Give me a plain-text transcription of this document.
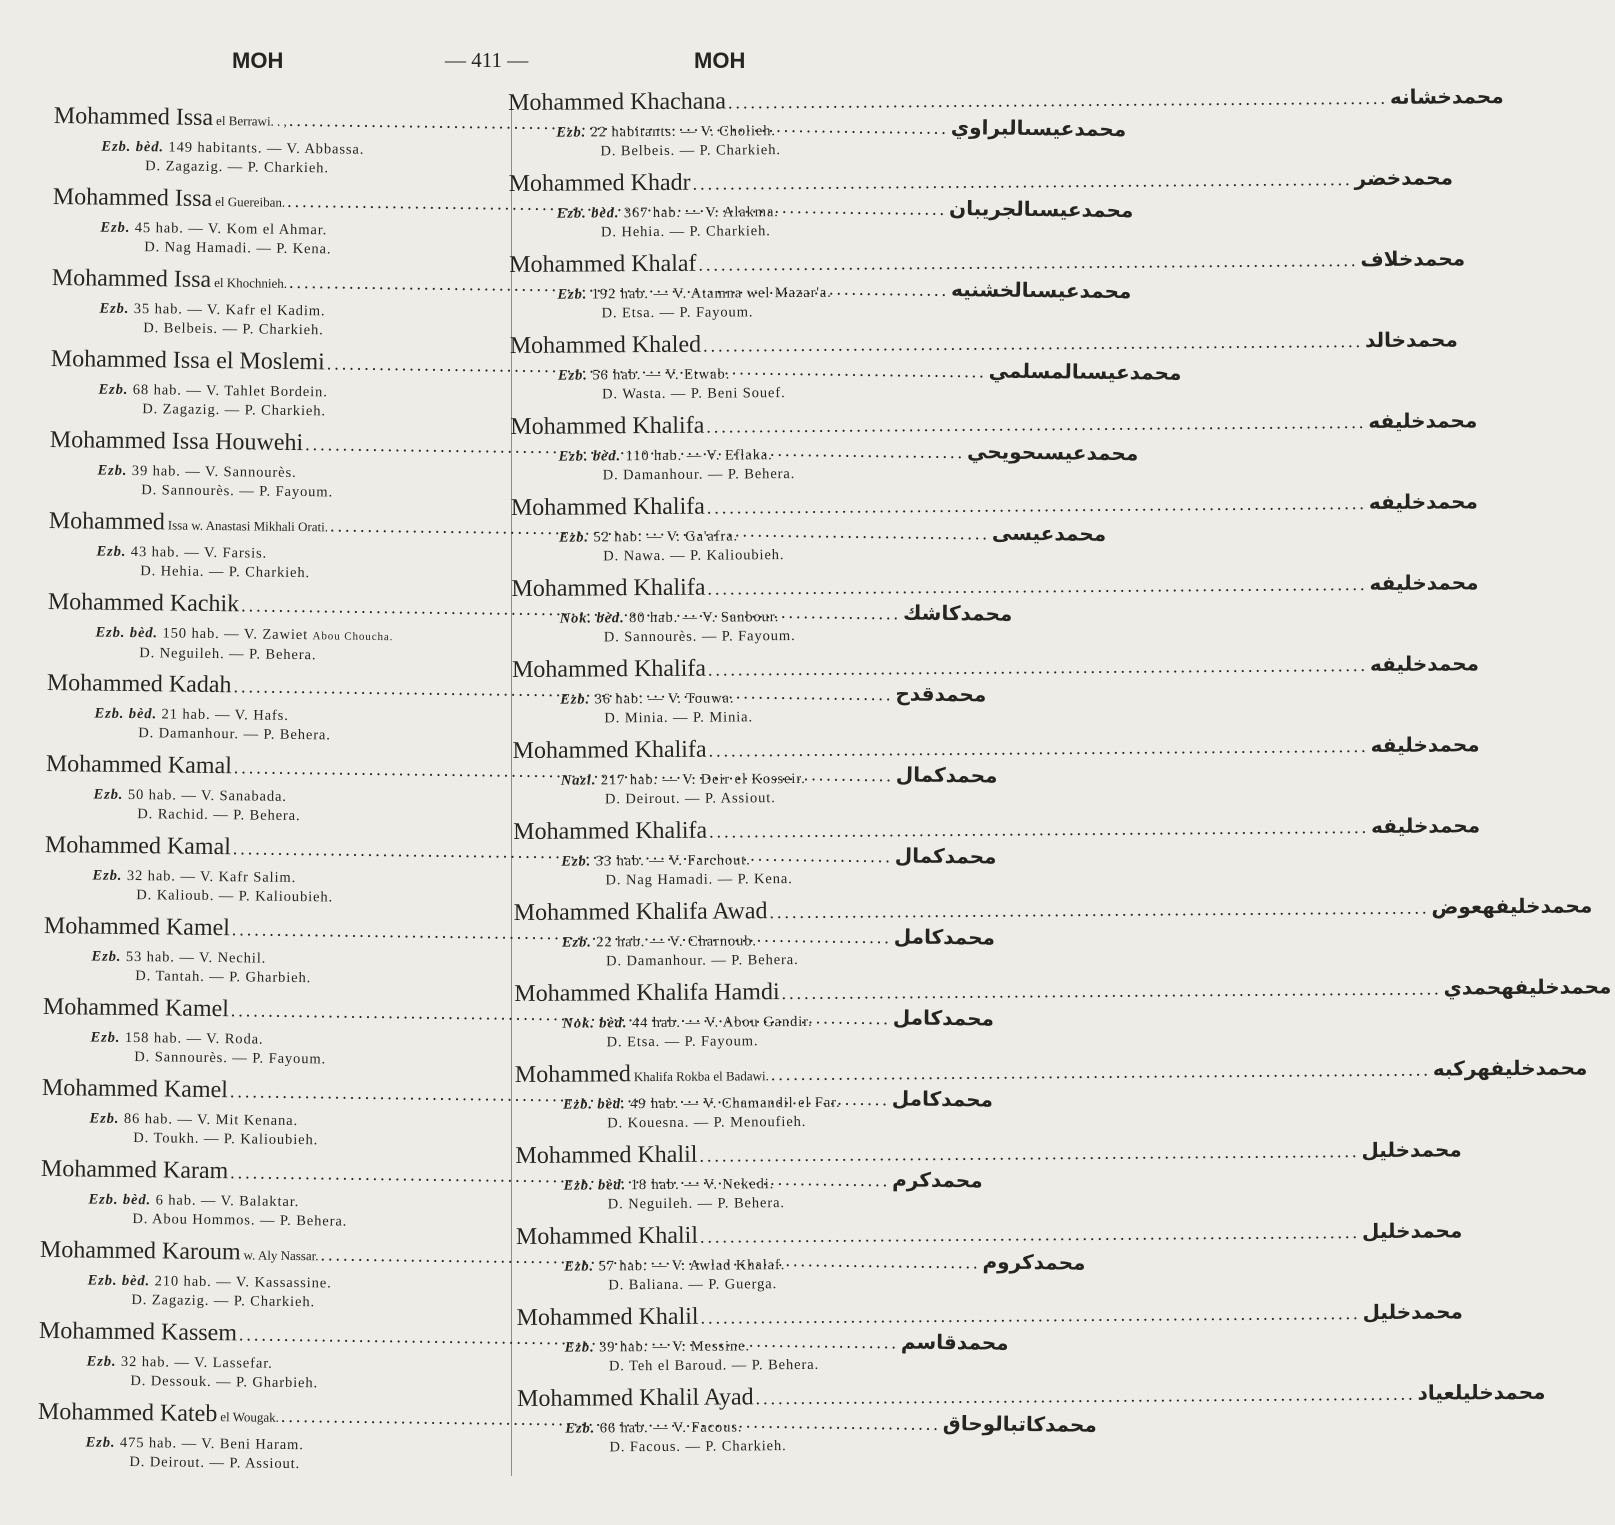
MOH	— 411 —	MOH
Mohammed Issa el Berrawi. . , .....	محمدعيسىالبراوي
Ezb. bèd. 149 habitants. — V. Abbassa.
D. Zagazig. — P. Charkieh.
Mohammed Issa el Guereiban. .....	محمدعيسىالجريبان
Ezb. 45 hab. — V. Kom el Ahmar.
D. Nag Hamadi. — P. Kena.
Mohammed Issa el Khochnieh. .....	محمدعيسىالخشنيه
Ezb. 35 hab. — V. Kafr el Kadim.
D. Belbeis. — P. Charkieh.
Mohammed Issa el Moslemi .....	محمدعيسىالمسلمي
Ezb. 68 hab. — V. Tahlet Bordein.
D. Zagazig. — P. Charkieh.
Mohammed Issa Houwehi .....	محمدعيسىحويحي
Ezb. 39 hab. — V. Sannourès.
D. Sannourès. — P. Fayoum.
Mohammed Issa w. Anastasi Mikhali Orati. .....	محمدعيسى
Ezb. 43 hab. — V. Farsis.
D. Hehia. — P. Charkieh.
Mohammed Kachik .....	محمدكاشك
Ezb. bèd. 150 hab. — V. Zawiet Abou Choucha.
D. Neguileh. — P. Behera.
Mohammed Kadah .....	محمدقدح
Ezb. bèd. 21 hab. — V. Hafs.
D. Damanhour. — P. Behera.
Mohammed Kamal .....	محمدكمال
Ezb. 50 hab. — V. Sanabada.
D. Rachid. — P. Behera.
Mohammed Kamal .....	محمدكمال
Ezb. 32 hab. — V. Kafr Salim.
D. Kalioub. — P. Kalioubieh.
Mohammed Kamel .....	محمدكامل
Ezb. 53 hab. — V. Nechil.
D. Tantah. — P. Gharbieh.
Mohammed Kamel .....	محمدكامل
Ezb. 158 hab. — V. Roda.
D. Sannourès. — P. Fayoum.
Mohammed Kamel .....	محمدكامل
Ezb. 86 hab. — V. Mit Kenana.
D. Toukh. — P. Kalioubieh.
Mohammed Karam .....	محمدكرم
Ezb. bèd. 6 hab. — V. Balaktar.
D. Abou Hommos. — P. Behera.
Mohammed Karoum w. Aly Nassar. .....	محمدكروم
Ezb. bèd. 210 hab. — V. Kassassine.
D. Zagazig. — P. Charkieh.
Mohammed Kassem .....	محمدقاسم
Ezb. 32 hab. — V. Lassefar.
D. Dessouk. — P. Gharbieh.
Mohammed Kateb el Wougak. .....	محمدكاتبالوحاق
Ezb. 475 hab. — V. Beni Haram.
D. Deirout. — P. Assiout.
Mohammed Khachana .....	محمدخشانه
Ezb. 22 habitants. — V. Cholieh.
D. Belbeis. — P. Charkieh.
Mohammed Khadr .....	محمدخضر
Ezb. bèd. 367 hab. — V. Alakma.
D. Hehia. — P. Charkieh.
Mohammed Khalaf .....	محمدخلاف
Ezb. 192 hab. — V. Atamna wel Mazar'a.
D. Etsa. — P. Fayoum.
Mohammed Khaled .....	محمدخالد
Ezb. 56 hab. — V. Etwab.
D. Wasta. — P. Beni Souef.
Mohammed Khalifa .....	محمدخليفه
Ezb. bèd. 110 hab. — V. Eflaka.
D. Damanhour. — P. Behera.
Mohammed Khalifa .....	محمدخليفه
Ezb. 52 hab. — V. Ga'afra.
D. Nawa. — P. Kalioubieh.
Mohammed Khalifa .....	محمدخليفه
Nok. bèd. 80 hab. — V. Sanbour.
D. Sannourès. — P. Fayoum.
Mohammed Khalifa .....	محمدخليفه
Ezb. 36 hab. — V. Touwa.
D. Minia. — P. Minia.
Mohammed Khalifa .....	محمدخليفه
Nazl. 217 hab. — V. Deir el Kosseir.
D. Deirout. — P. Assiout.
Mohammed Khalifa .....	محمدخليفه
Ezb. 33 hab. — V. Farchout.
D. Nag Hamadi. — P. Kena.
Mohammed Khalifa Awad .....	محمدخليفهعوض
Ezb. 22 hab. — V. Charnoub.
D. Damanhour. — P. Behera.
Mohammed Khalifa Hamdi .....	محمدخليفهحمدي
Nok. bèd. 44 hab. — V. Abou Gandir.
D. Etsa. — P. Fayoum.
Mohammed Khalifa Rokba el Badawi. .....	محمدخليفهركبه
Ezb. bèd. 49 hab. — V. Chamandil el Far.
D. Kouesna. — P. Menoufieh.
Mohammed Khalil .....	محمدخليل
Ezb. bèd. 18 hab. — V. Nekedi.
D. Neguileh. — P. Behera.
Mohammed Khalil .....	محمدخليل
Ezb. 57 hab. — V. Awlad Khalaf.
D. Baliana. — P. Guerga.
Mohammed Khalil .....	محمدخليل
Ezb. 39 hab. — V. Messine.
D. Teh el Baroud. — P. Behera.
Mohammed Khalil Ayad .....	محمدخليلعياد
Ezb. 66 hab. — V. Facous.
D. Facous. — P. Charkieh.
